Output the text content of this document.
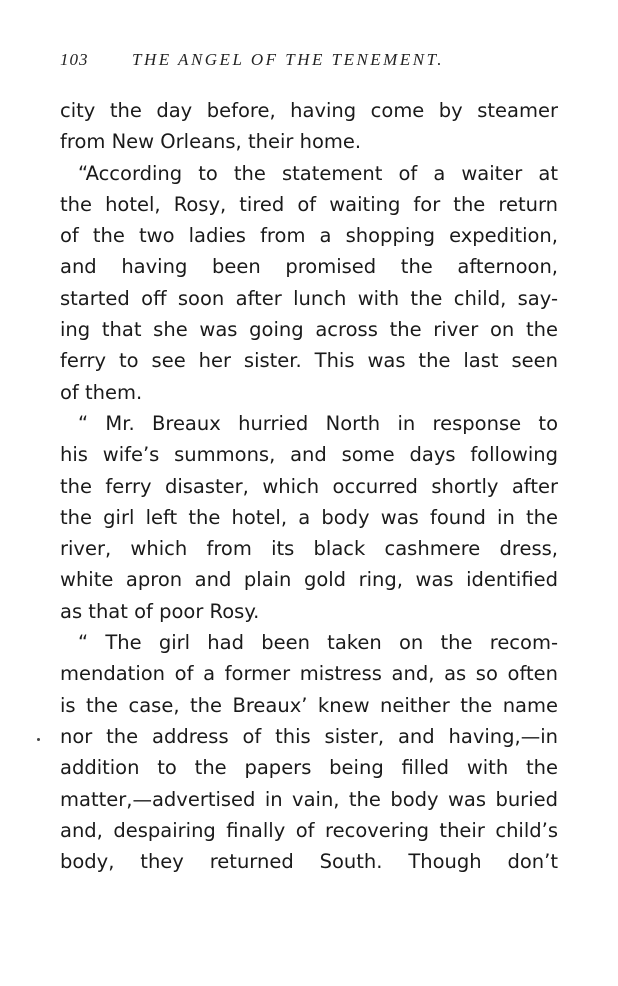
103	THE ANGEL OF THE TENEMENT.
city the day before, having come by steamer
from New Orleans, their home.
“According to the statement of a waiter at
the hotel, Rosy, tired of waiting for the return
of the two ladies from a shopping expedition,
and having been promised the afternoon,
started off soon after lunch with the child, say-
ing that she was going across the river on the
ferry to see her sister. This was the last seen
of them.
“ Mr. Breaux hurried North in response to
his wife’s summons, and some days following
the ferry disaster, which occurred shortly after
the girl left the hotel, a body was found in the
river, which from its black cashmere dress,
white apron and plain gold ring, was identified
as that of poor Rosy.
“ The girl had been taken on the recom-
mendation of a former mistress and, as so often
is the case, the Breaux’ knew neither the name
nor the address of this sister, and having,—in
addition to the papers being filled with the
matter,—advertised in vain, the body was buried
and, despairing finally of recovering their child’s
body, they returned South. Though don’t
